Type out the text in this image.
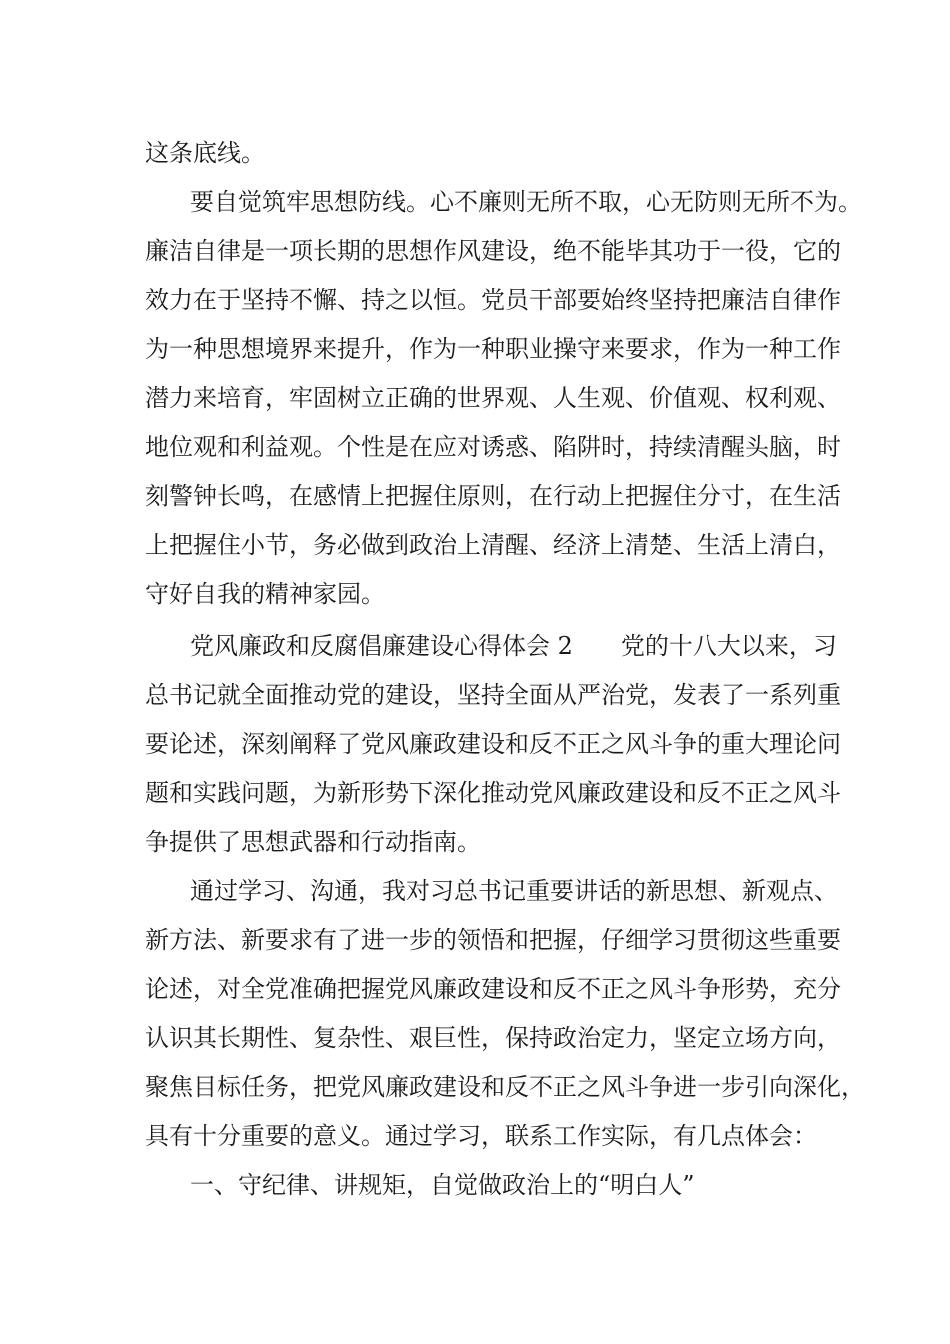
这条底线。

要自觉筑牢思想防线。心不廉则无所不取，心无防则无所不为。

廉洁自律是一项长期的思想作风建设，绝不能毕其功于一役，它的

效力在于坚持不懈、持之以恒。党员干部要始终坚持把廉洁自律作

为一种思想境界来提升，作为一种职业操守来要求，作为一种工作

潜力来培育，牢固树立正确的世界观、人生观、价值观、权利观、

地位观和利益观。个性是在应对诱惑、陷阱时，持续清醒头脑，时

刻警钟长鸣，在感情上把握住原则，在行动上把握住分寸，在生活

上把握住小节，务必做到政治上清醒、经济上清楚、生活上清白，

守好自我的精神家园。

党风廉政和反腐倡廉建设心得体会 2　　党的十八大以来，习

总书记就全面推动党的建设，坚持全面从严治党，发表了一系列重

要论述，深刻阐释了党风廉政建设和反不正之风斗争的重大理论问

题和实践问题，为新形势下深化推动党风廉政建设和反不正之风斗

争提供了思想武器和行动指南。

通过学习、沟通，我对习总书记重要讲话的新思想、新观点、

新方法、新要求有了进一步的领悟和把握，仔细学习贯彻这些重要

论述，对全党准确把握党风廉政建设和反不正之风斗争形势，充分

认识其长期性、复杂性、艰巨性，保持政治定力，坚定立场方向，

聚焦目标任务，把党风廉政建设和反不正之风斗争进一步引向深化，

具有十分重要的意义。通过学习，联系工作实际，有几点体会：

一、守纪律、讲规矩，自觉做政治上的“明白人”
